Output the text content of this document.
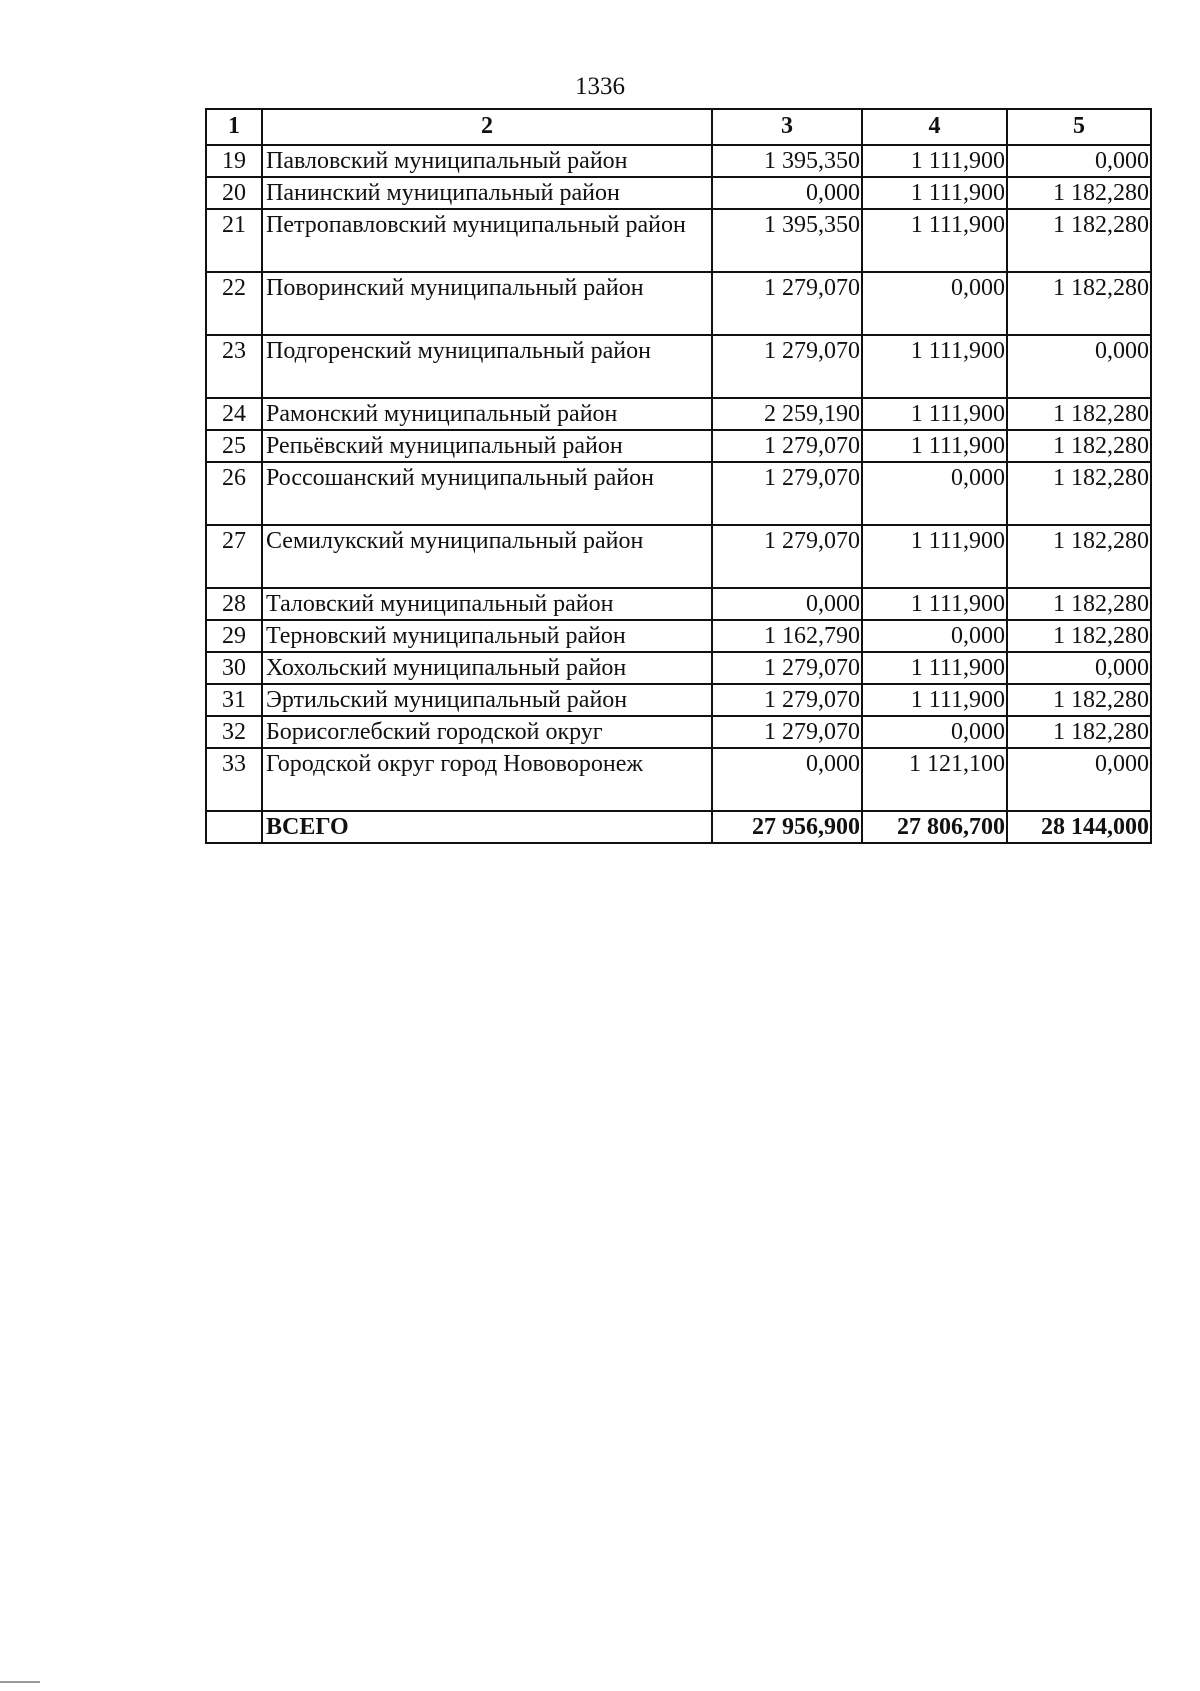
1336
1	2	3	4	5
19	Павловский муниципальный район	1 395,350	1 111,900	0,000
20	Панинский муниципальный район	0,000	1 111,900	1 182,280
21	Петропавловский муниципальный район	1 395,350	1 111,900	1 182,280
22	Поворинский муниципальный район	1 279,070	0,000	1 182,280
23	Подгоренский муниципальный район	1 279,070	1 111,900	0,000
24	Рамонский муниципальный район	2 259,190	1 111,900	1 182,280
25	Репьёвский муниципальный район	1 279,070	1 111,900	1 182,280
26	Россошанский муниципальный район	1 279,070	0,000	1 182,280
27	Семилукский муниципальный район	1 279,070	1 111,900	1 182,280
28	Таловский муниципальный район	0,000	1 111,900	1 182,280
29	Терновский муниципальный район	1 162,790	0,000	1 182,280
30	Хохольский муниципальный район	1 279,070	1 111,900	0,000
31	Эртильский муниципальный район	1 279,070	1 111,900	1 182,280
32	Борисоглебский городской округ	1 279,070	0,000	1 182,280
33	Городской округ город Нововоронеж	0,000	1 121,100	0,000
	ВСЕГО	27 956,900	27 806,700	28 144,000
